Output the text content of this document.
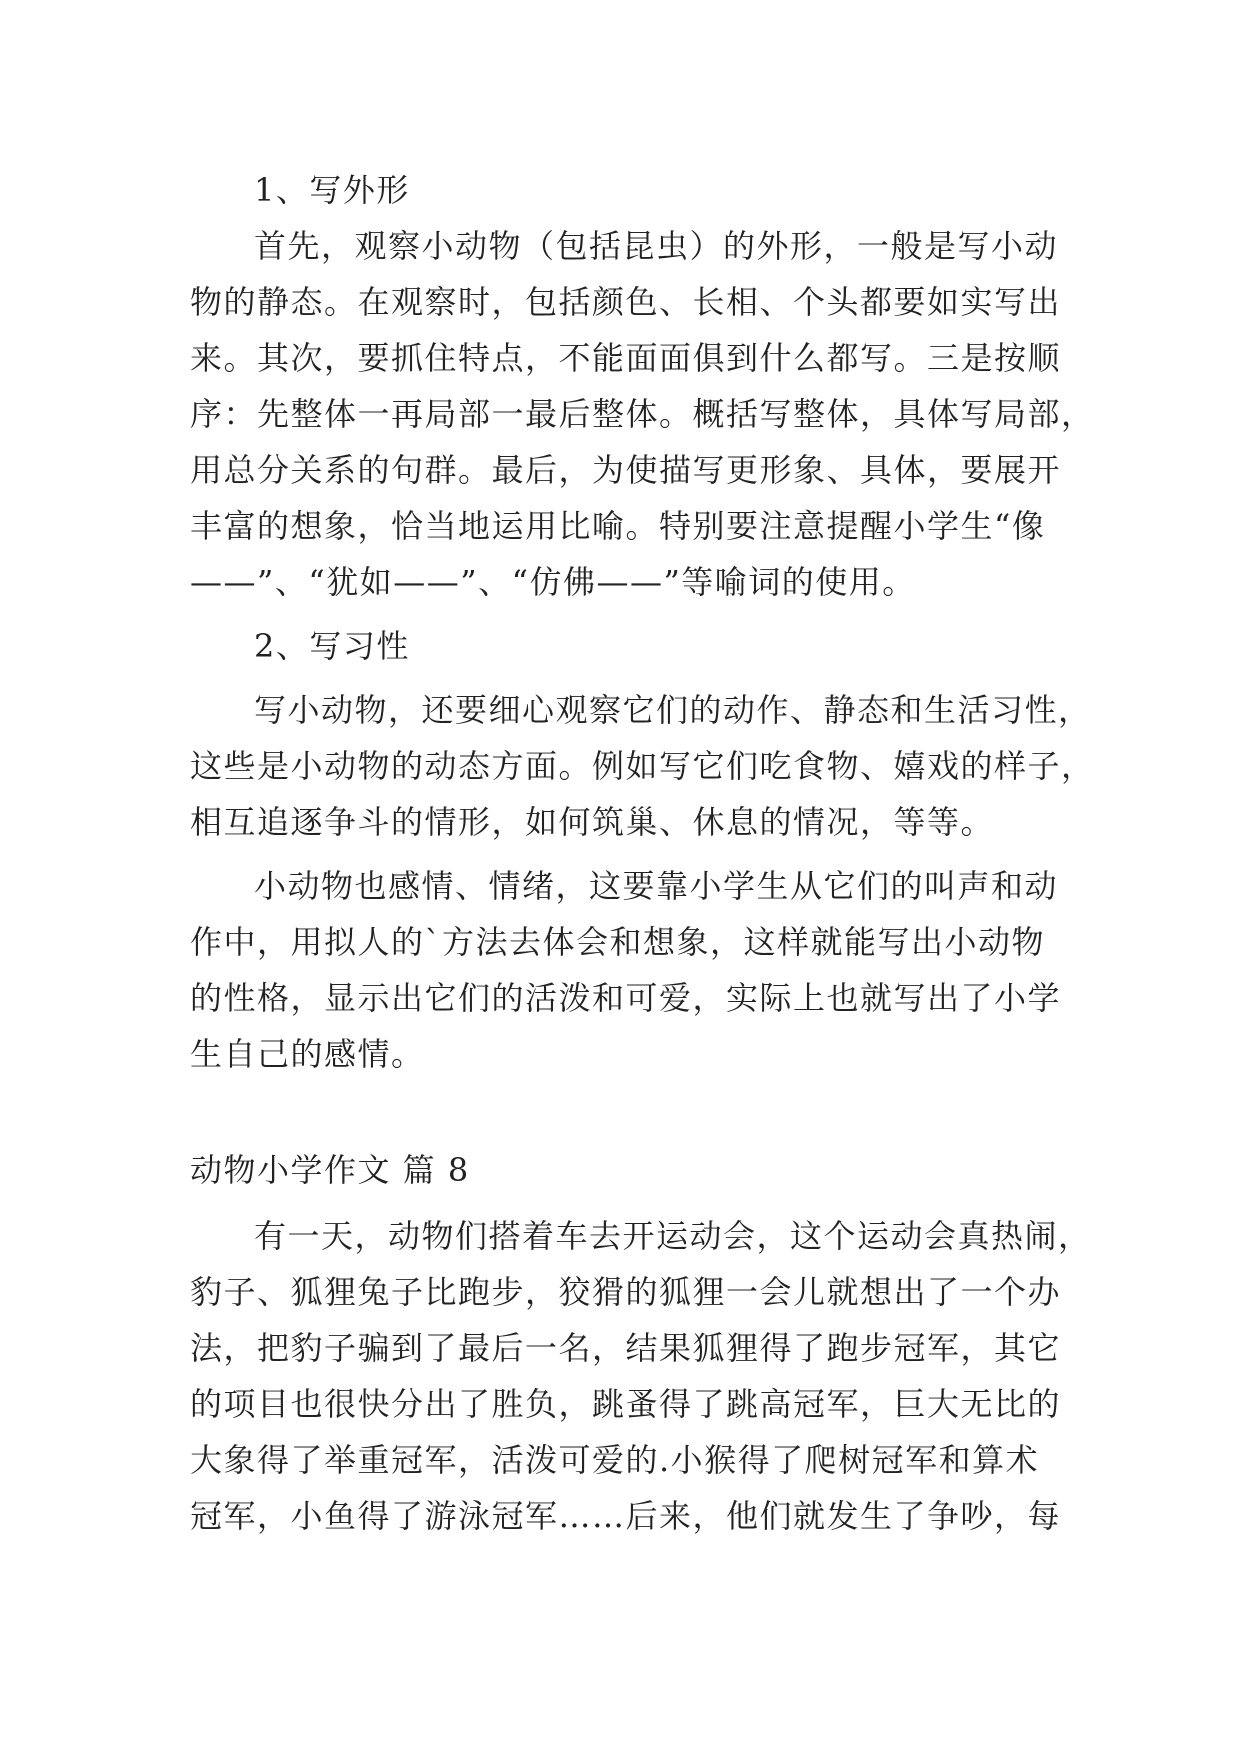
1、写外形
首先，观察小动物（包括昆虫）的外形，一般是写小动
物的静态。在观察时，包括颜色、长相、个头都要如实写出
来。其次，要抓住特点，不能面面俱到什么都写。三是按顺
序：先整体一再局部一最后整体。概括写整体，具体写局部，
用总分关系的句群。最后，为使描写更形象、具体，要展开
丰富的想象，恰当地运用比喻。特别要注意提醒小学生“像
——”、“犹如——”、“仿佛——”等喻词的使用。
2、写习性
写小动物，还要细心观察它们的动作、静态和生活习性，
这些是小动物的动态方面。例如写它们吃食物、嬉戏的样子，
相互追逐争斗的情形，如何筑巢、休息的情况，等等。
小动物也感情、情绪，这要靠小学生从它们的叫声和动
作中，用拟人的`方法去体会和想象，这样就能写出小动物
的性格，显示出它们的活泼和可爱，实际上也就写出了小学
生自己的感情。
动物小学作文 篇 8
有一天，动物们搭着车去开运动会，这个运动会真热闹，
豹子、狐狸兔子比跑步，狡猾的狐狸一会儿就想出了一个办
法，把豹子骗到了最后一名，结果狐狸得了跑步冠军，其它
的项目也很快分出了胜负，跳蚤得了跳高冠军，巨大无比的
大象得了举重冠军，活泼可爱的.小猴得了爬树冠军和算术
冠军，小鱼得了游泳冠军……后来，他们就发生了争吵，每
